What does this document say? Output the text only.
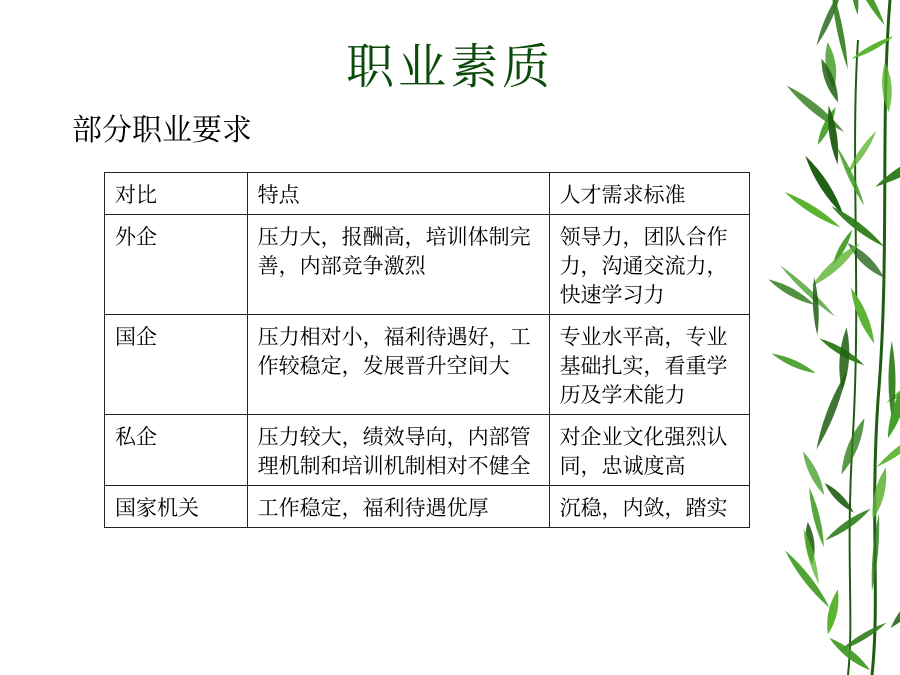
职业素质
部分职业要求
对比	特点	人才需求标准
外企	压力大，报酬高，培训体制完善，内部竞争激烈	领导力，团队合作力，沟通交流力，快速学习力
国企	压力相对小，福利待遇好，工作较稳定，发展晋升空间大	专业水平高，专业基础扎实，看重学历及学术能力
私企	压力较大，绩效导向，内部管理机制和培训机制相对不健全	对企业文化强烈认同，忠诚度高
国家机关	工作稳定，福利待遇优厚	沉稳，内敛，踏实
